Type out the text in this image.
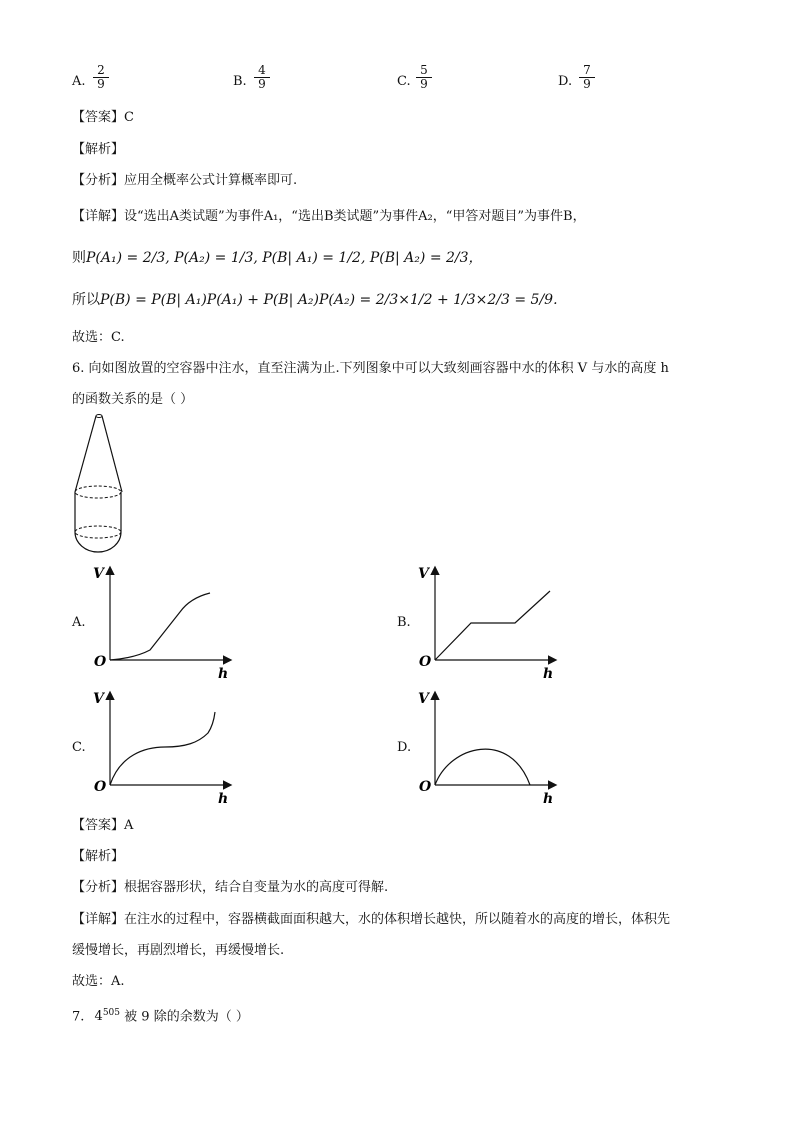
A. $\frac{2}{9}$	B. $\frac{4}{9}$	C. $\frac{5}{9}$	D. $\frac{7}{9}$
【答案】C
【解析】
【分析】应用全概率公式计算概率即可.
【详解】设“选出A类试题”为事件A₁，“选出B类试题”为事件A₂，“甲答对题目”为事件B，
则P(A₁) = 2/3, P(A₂) = 1/3, P(B| A₁) = 1/2, P(B| A₂) = 2/3，
所以P(B) = P(B| A₁)P(A₁) + P(B| A₂)P(A₂) = 2/3×1/2 + 1/3×2/3 = 5/9.
故选：C.
6. 向如图放置的空容器中注水，直至注满为止.下列图象中可以大致刻画容器中水的体积 V 与水的高度 h
的函数关系的是（ ）
A.
V
O
h
B.
V
O
h
C.
V
O
h
D.
V
O
h
【答案】A
【解析】
【分析】根据容器形状，结合自变量为水的高度可得解.
【详解】在注水的过程中，容器横截面面积越大，水的体积增长越快，所以随着水的高度的增长，体积先
缓慢增长，再剧烈增长，再缓慢增长.
故选：A.
7. $4^{505}$ 被 9 除的余数为（ ）
